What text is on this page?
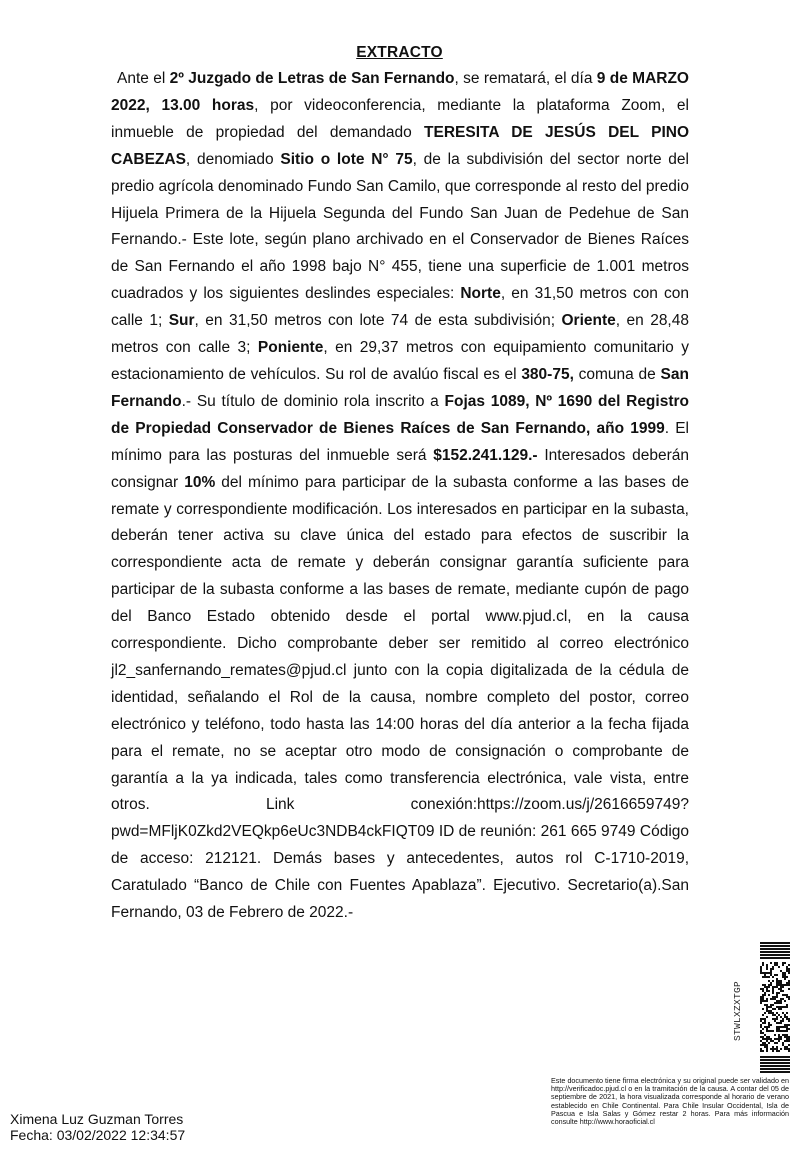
EXTRACTO
Ante el 2º Juzgado de Letras de San Fernando, se rematará, el día 9 de MARZO 2022, 13.00 horas, por videoconferencia, mediante la plataforma Zoom, el inmueble de propiedad del demandado TERESITA DE JESÚS DEL PINO CABEZAS, denomiado Sitio o lote N° 75, de la subdivisión del sector norte del predio agrícola denominado Fundo San Camilo, que corresponde al resto del predio Hijuela Primera de la Hijuela Segunda del Fundo San Juan de Pedehue de San Fernando.- Este lote, según plano archivado en el Conservador de Bienes Raíces de San Fernando el año 1998 bajo N° 455, tiene una superficie de 1.001 metros cuadrados y los siguientes deslindes especiales: Norte, en 31,50 metros con con calle 1; Sur, en 31,50 metros con lote 74 de esta subdivisión; Oriente, en 28,48 metros con calle 3; Poniente, en 29,37 metros con equipamiento comunitario y estacionamiento de vehículos. Su rol de avalúo fiscal es el 380-75, comuna de San Fernando.- Su título de dominio rola inscrito a Fojas 1089, Nº 1690 del Registro de Propiedad Conservador de Bienes Raíces de San Fernando, año 1999. El mínimo para las posturas del inmueble será $152.241.129.- Interesados deberán consignar 10% del mínimo para participar de la subasta conforme a las bases de remate y correspondiente modificación. Los interesados en participar en la subasta, deberán tener activa su clave única del estado para efectos de suscribir la correspondiente acta de remate y deberán consignar garantía suficiente para participar de la subasta conforme a las bases de remate, mediante cupón de pago del Banco Estado obtenido desde el portal www.pjud.cl, en la causa correspondiente. Dicho comprobante deber ser remitido al correo electrónico jl2_sanfernando_remates@pjud.cl junto con la copia digitalizada de la cédula de identidad, señalando el Rol de la causa, nombre completo del postor, correo electrónico y teléfono, todo hasta las 14:00 horas del día anterior a la fecha fijada para el remate, no se aceptar otro modo de consignación o comprobante de garantía a la ya indicada, tales como transferencia electrónica, vale vista, entre otros. Link conexión:https://zoom.us/j/2616659749?pwd=MFljK0Zkd2VEQkp6eUc3NDB4ckFIQT09 ID de reunión: 261 665 9749 Código de acceso: 212121. Demás bases y antecedentes, autos rol C-1710-2019, Caratulado “Banco de Chile con Fuentes Apablaza”. Ejecutivo. Secretario(a).San Fernando, 03 de Febrero de 2022.-
STWLXZXTGP
Este documento tiene firma electrónica y su original puede ser validado en http://verificadoc.pjud.cl o en la tramitación de la causa. A contar del 05 de septiembre de 2021, la hora visualizada corresponde al horario de verano establecido en Chile Continental. Para Chile Insular Occidental, Isla de Pascua e Isla Salas y Gómez restar 2 horas. Para más información consulte http://www.horaoficial.cl
Ximena Luz Guzman Torres
Fecha: 03/02/2022 12:34:57
